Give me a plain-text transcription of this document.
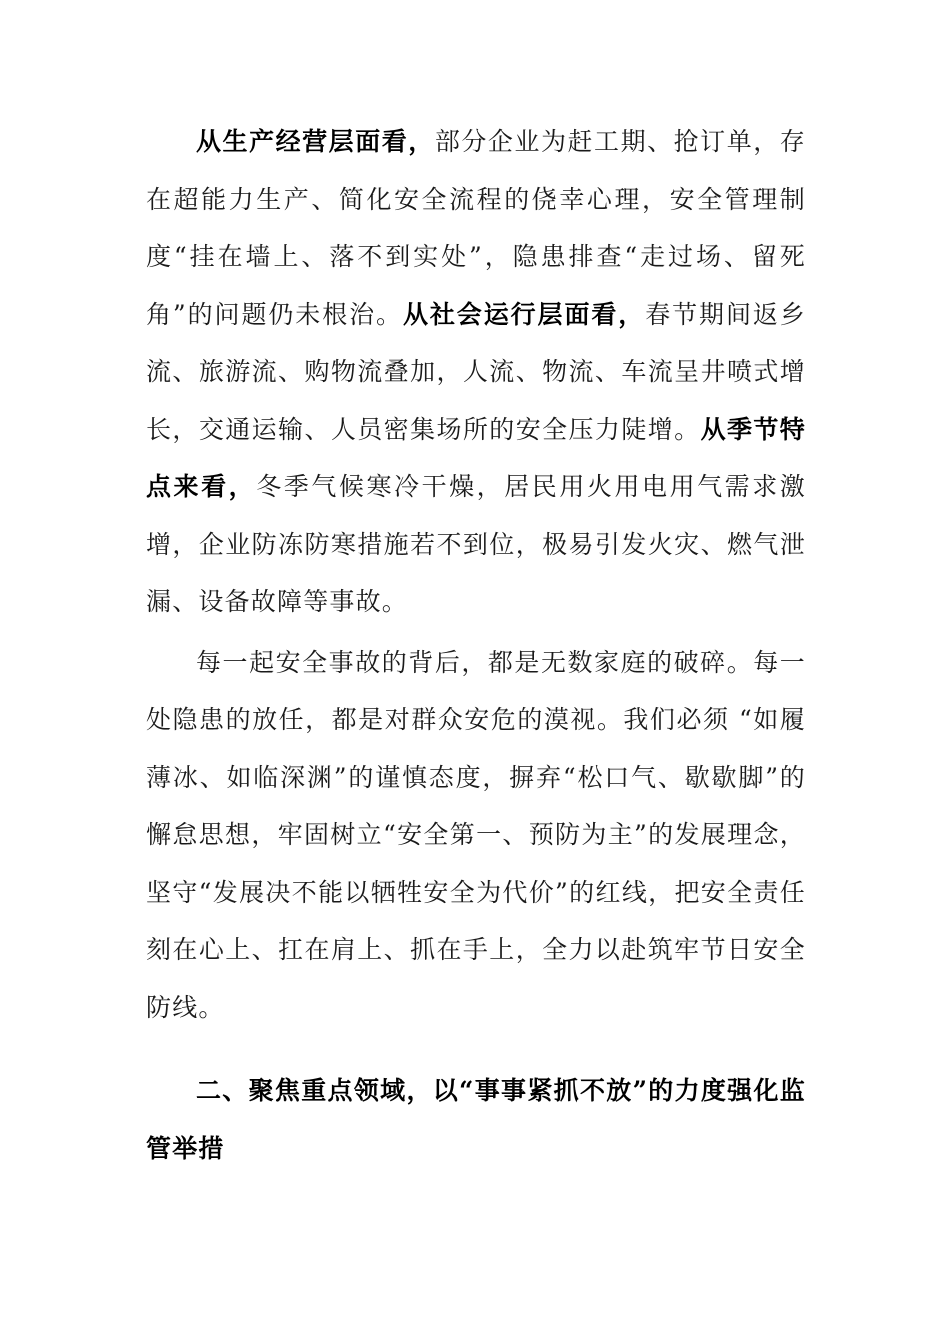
从生产经营层面看，部分企业为赶工期、抢订单，存在超能力生产、简化安全流程的侥幸心理，安全管理制度“挂在墙上、落不到实处”，隐患排查“走过场、留死角”的问题仍未根治。从社会运行层面看，春节期间返乡流、旅游流、购物流叠加，人流、物流、车流呈井喷式增长，交通运输、人员密集场所的安全压力陡增。从季节特点来看，冬季气候寒冷干燥，居民用火用电用气需求激增，企业防冻防寒措施若不到位，极易引发火灾、燃气泄漏、设备故障等事故。

每一起安全事故的背后，都是无数家庭的破碎。每一处隐患的放任，都是对群众安危的漠视。我们必须 “如履薄冰、如临深渊”的谨慎态度，摒弃“松口气、歇歇脚”的懈怠思想，牢固树立“安全第一、预防为主”的发展理念，坚守“发展决不能以牺牲安全为代价”的红线，把安全责任刻在心上、扛在肩上、抓在手上，全力以赴筑牢节日安全防线。

二、聚焦重点领域，以“事事紧抓不放”的力度强化监管举措
